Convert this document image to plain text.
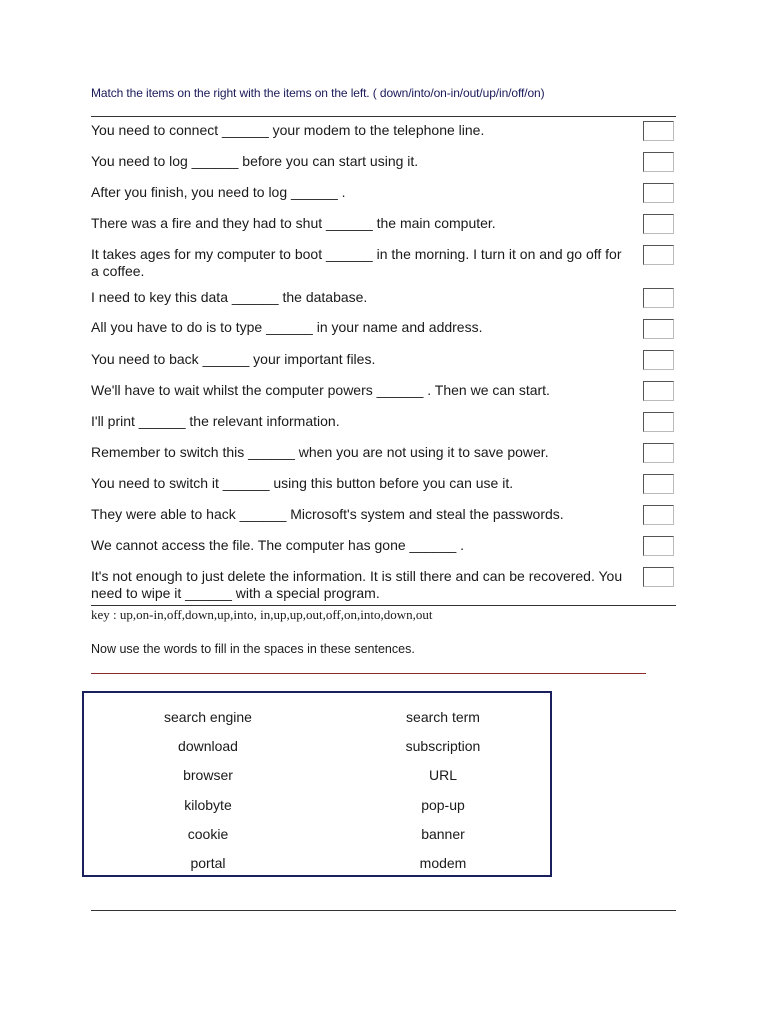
Match the items on the right with the items on the left. ( down/into/on-in/out/up/in/off/on)
You need to connect ______ your modem to the telephone line.
You need to log ______ before you can start using it.
After you finish, you need to log ______ .
There was a fire and they had to shut ______ the main computer.
It takes ages for my computer to boot ______ in the morning. I turn it on and go off for a coffee.
I need to key this data ______ the database.
All you have to do is to type ______ in your name and address.
You need to back ______ your important files.
We'll have to wait whilst the computer powers ______ . Then we can start.
I'll print ______ the relevant information.
Remember to switch this ______ when you are not using it to save power.
You need to switch it ______ using this button before you can use it.
They were able to hack ______ Microsoft's system and steal the passwords.
We cannot access the file. The computer has gone ______ .
It's not enough to just delete the information. It is still there and can be recovered. You need to wipe it ______ with a special program.
key : up,on-in,off,down,up,into, in,up,up,out,off,on,into,down,out
Now use the words to fill in the spaces in these sentences.
search engine	search term
download	subscription
browser	URL
kilobyte	pop-up
cookie	banner
portal	modem
